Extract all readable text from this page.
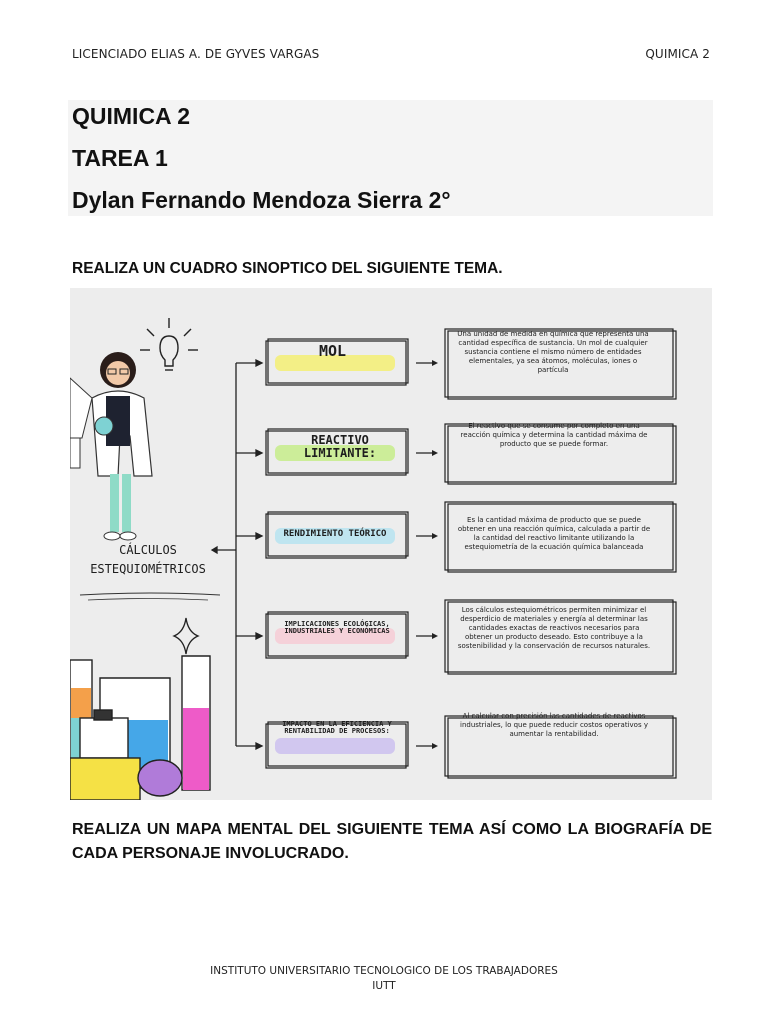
LICENCIADO ELIAS A. DE GYVES VARGAS	QUIMICA 2
QUIMICA 2
TAREA 1
Dylan Fernando Mendoza Sierra 2°
REALIZA UN CUADRO SINOPTICO DEL SIGUIENTE TEMA.
CÁLCULOS
ESTEQUIOMÉTRICOS
MOL
Una unidad de medida en química que representa una cantidad específica de sustancia. Un mol de cualquier sustancia contiene el mismo número de entidades elementales, ya sea átomos, moléculas, iones o partícula
REACTIVO LIMITANTE:
El reactivo que se consume por completo en una reacción química y determina la cantidad máxima de producto que se puede formar.
RENDIMIENTO TEÓRICO
Es la cantidad máxima de producto que se puede obtener en una reacción química, calculada a partir de la cantidad del reactivo limitante utilizando la estequiometría de la ecuación química balanceada
IMPLICACIONES ECOLÓGICAS, INDUSTRIALES Y ECONÓMICAS
Los cálculos estequiométricos permiten minimizar el desperdicio de materiales y energía al determinar las cantidades exactas de reactivos necesarios para obtener un producto deseado. Esto contribuye a la sostenibilidad y la conservación de recursos naturales.
IMPACTO EN LA EFICIENCIA Y RENTABILIDAD DE PROCESOS:
Al calcular con precisión las cantidades de reactivos industriales, lo que puede reducir costos operativos y aumentar la rentabilidad.
REALIZA UN MAPA MENTAL DEL SIGUIENTE TEMA ASÍ COMO LA BIOGRAFÍA DE CADA PERSONAJE INVOLUCRADO.
INSTITUTO UNIVERSITARIO TECNOLOGICO DE LOS TRABAJADORES
IUTT
